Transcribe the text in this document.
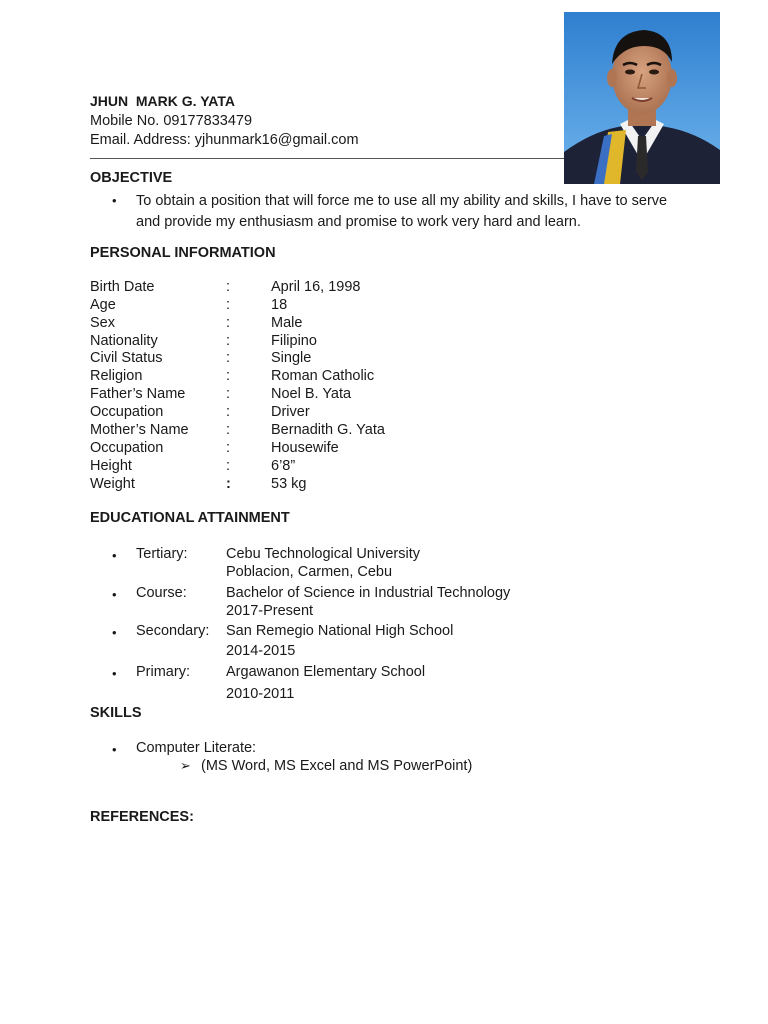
JHUN  MARK G. YATA
Mobile No. 09177833479
Email. Address: yjhunmark16@gmail.com
OBJECTIVE
• To obtain a position that will force me to use all my ability and skills, I have to serve and provide my enthusiasm and promise to work very hard and learn.
PERSONAL INFORMATION
Birth Date	:	April 16, 1998
Age	:	18
Sex	:	Male
Nationality	:	Filipino
Civil Status	:	Single
Religion	:	Roman Catholic
Father’s Name	:	Noel B. Yata
Occupation	:	Driver
Mother’s Name	:	Bernadith G. Yata
Occupation	:	Housewife
Height	:	6’8”
Weight	:	53 kg
EDUCATIONAL ATTAINMENT
• Tertiary:	Cebu Technological University
Poblacion, Carmen, Cebu
• Course:	Bachelor of Science in Industrial Technology
2017-Present
• Secondary: San Remegio National High School
2014-2015
• Primary: Argawanon Elementary School
2010-2011
SKILLS
• Computer Literate:
➢ (MS Word, MS Excel and MS PowerPoint)
REFERENCES:
